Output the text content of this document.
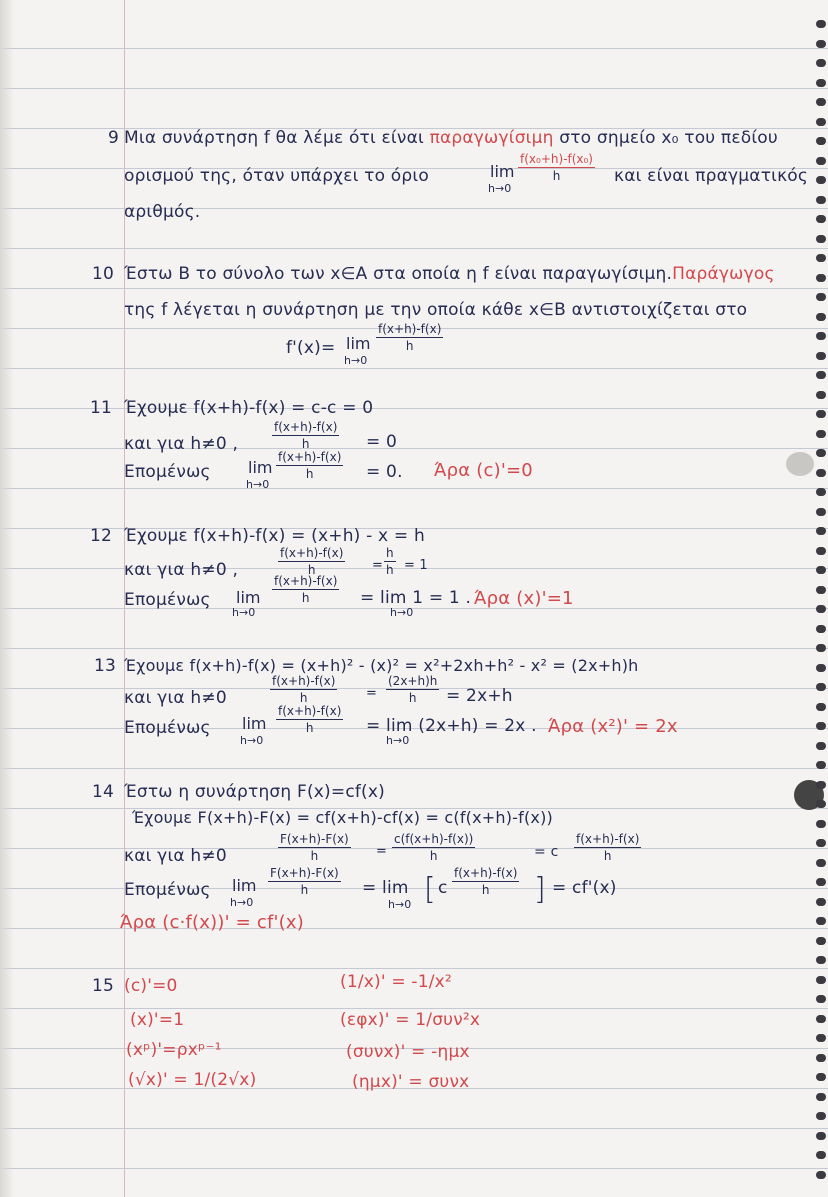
9 Μια συνάρτηση f θα λέμε ότι είναι παραγωγίσιμη στο σημείο x₀ του πεδίου
ορισμού της, όταν υπάρχει το όριο	lim
h→0
$\frac{\text{f(x₀+h)-f(x₀)}}{h}$ και είναι πραγματικός
αριθμός.
10 Έστω B το σύνολο των x∈A στα οποία η f είναι παραγωγίσιμη.Παράγωγος
της f λέγεται η συνάρτηση με την οποία κάθε x∈B αντιστοιχίζεται στο
f'(x)= lim
h→0
$\frac{f(x+h)-f(x)}{h}$
11 Έχουμε f(x+h)-f(x) = c-c = 0
και για h≠0 ,	$\frac{f(x+h)-f(x)}{h} = 0$
Επομένως lim
h→0
$\frac{f(x+h)-f(x)}{h} = 0$. Άρα (c)'=0
12 Έχουμε f(x+h)-f(x) = (x+h) - x = h
και για h≠0 ,	$\frac{f(x+h)-f(x)}{h} = \frac{h}{h} = 1$
Επομένως lim
h→0
$\frac{f(x+h)-f(x)}{h} = \lim 1 = 1$ .
h→0
Άρα (x)'=1
13 Έχουμε f(x+h)-f(x) = (x+h)² - (x)² = x²+2xh+h² - x² = (2x+h)h
και για h≠0	$\frac{f(x+h)-f(x)}{h} = \frac{(2x+h)h}{h} = 2x+h$
Επομένως lim
h→0
$\frac{f(x+h)-f(x)}{h} = \lim (2x+h) = 2x$ .
h→0
Άρα (x²)' = 2x
14 Έστω η συνάρτηση F(x)=cf(x)
Έχουμε F(x+h)-F(x) = cf(x+h)-cf(x) = c(f(x+h)-f(x))
και για h≠0	$\frac{F(x+h)-F(x)}{h} = \frac{c(f(x+h)-f(x))}{h}$	= c $\frac{f(x+h)-f(x)}{h}$
Επομένως lim
h→0
$\frac{F(x+h)-F(x)}{h} = \lim$
h→0 [ c $\frac{f(x+h)-f(x)}{h}$ ] = cf'(x)
Άρα (c·f(x))' = cf'(x)
15 (c)'=0
(x)'=1
(xᵖ)'=ρxᵖ⁻¹
(√x)' = 1/(2√x)
(1/x)' = -1/x²
(εφx)' = 1/συν²x
(συνx)' = -ημx
(ημx)' = συνx
